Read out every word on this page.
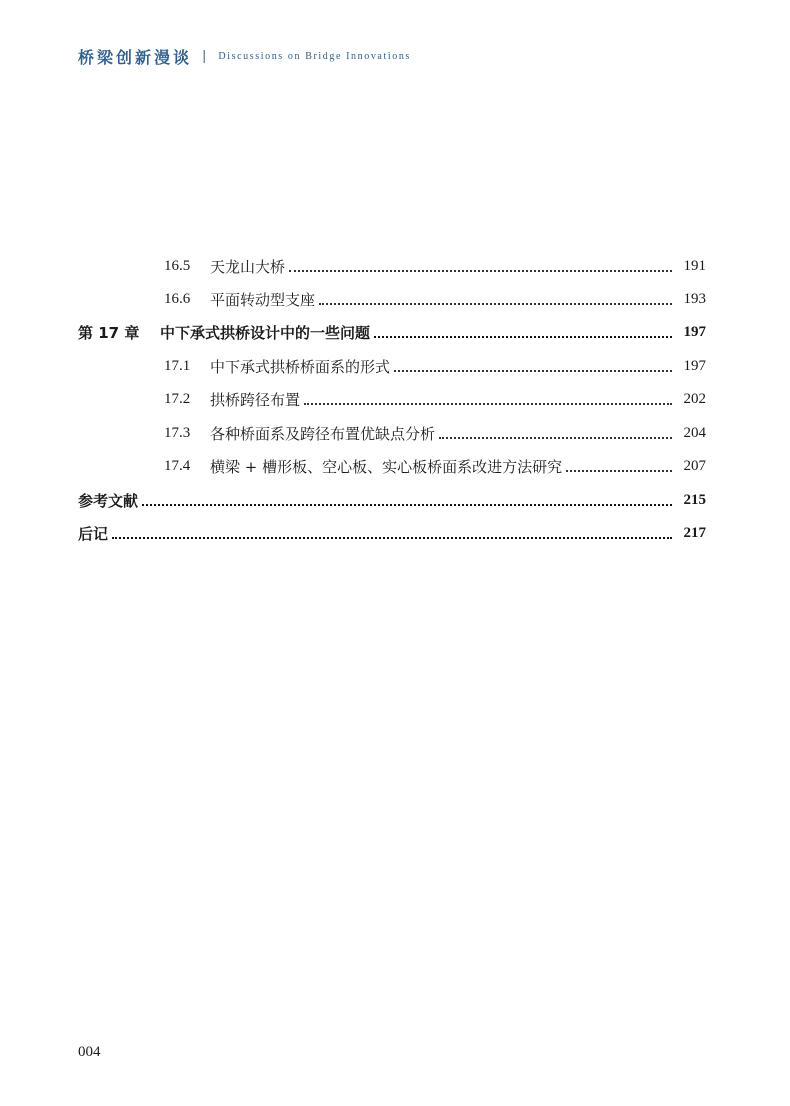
桥梁创新漫谈 | Discussions on Bridge Innovations
16.5	天龙山大桥	191
16.6	平面转动型支座	193
第 17 章	中下承式拱桥设计中的一些问题	197
17.1	中下承式拱桥桥面系的形式	197
17.2	拱桥跨径布置	202
17.3	各种桥面系及跨径布置优缺点分析	204
17.4	横梁 + 槽形板、空心板、实心板桥面系改进方法研究	207
参考文献	215
后记	217
004
